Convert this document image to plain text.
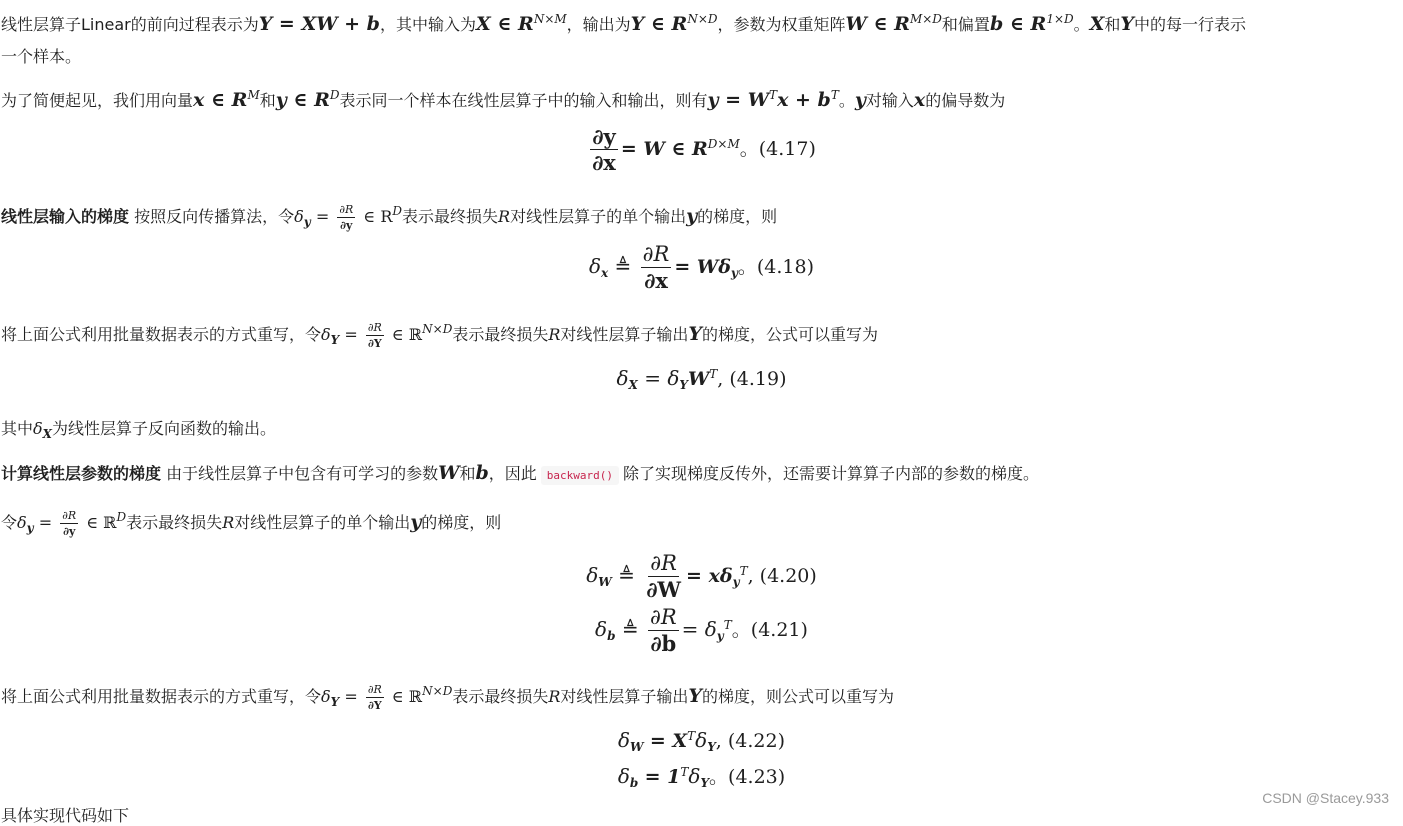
线性层算子Linear的前向过程表示为Y = XW + b，其中输入为X ∈ $R^{N\times M}$，输出为Y ∈ $R^{N\times D}$，参数为权重矩阵W ∈ $R^{M\times D}$和偏置b ∈ $R^{1\times D}$。X和Y中的每一行表示
一个样本。
为了简便起见，我们用向量x ∈ $R^M$和y ∈ $R^D$表示同一个样本在线性层算子中的输入和输出，则有$y = W^Tx + b^T$。y对输入x的偏导数为
$\frac{\partial y}{\partial x} = W$ ∈ $R^{D\times M}$。(4.17)
线性层输入的梯度 按照反向传播算法，令$\delta_y = \frac{\partial R}{\partial y}$ ∈ $R^D$表示最终损失R对线性层算子的单个输出y的梯度，则
$\delta_x$ ≜ $\frac{\partial R}{\partial x} = W\delta_y$。(4.18)
将上面公式利用批量数据表示的方式重写，令$\delta_Y = \frac{\partial R}{\partial Y}$ ∈ ℝ$^{N\times D}$表示最终损失R对线性层算子输出Y的梯度，公式可以重写为
$\delta_X = \delta_YW^T$, (4.19)
其中$\delta_X$为线性层算子反向函数的输出。
计算线性层参数的梯度 由于线性层算子中包含有可学习的参数W和b，因此 backward() 除了实现梯度反传外，还需要计算算子内部的参数的梯度。
令$\delta_y = \frac{\partial R}{\partial y}$ ∈ ℝ$^D$表示最终损失R对线性层算子的单个输出y的梯度，则
$\delta_W$ ≜ $\frac{\partial R}{\partial W} = x\delta_y^T$, (4.20)
$\delta_b$ ≜ $\frac{\partial R}{\partial b} = \delta_y^T$。(4.21)
将上面公式利用批量数据表示的方式重写，令$\delta_Y = \frac{\partial R}{\partial Y}$ ∈ ℝ$^{N\times D}$表示最终损失R对线性层算子输出Y的梯度，则公式可以重写为
$\delta_W = X^T\delta_Y$, (4.22)
$\delta_b = 1^T\delta_Y$。(4.23)
具体实现代码如下
CSDN @Stacey.933
